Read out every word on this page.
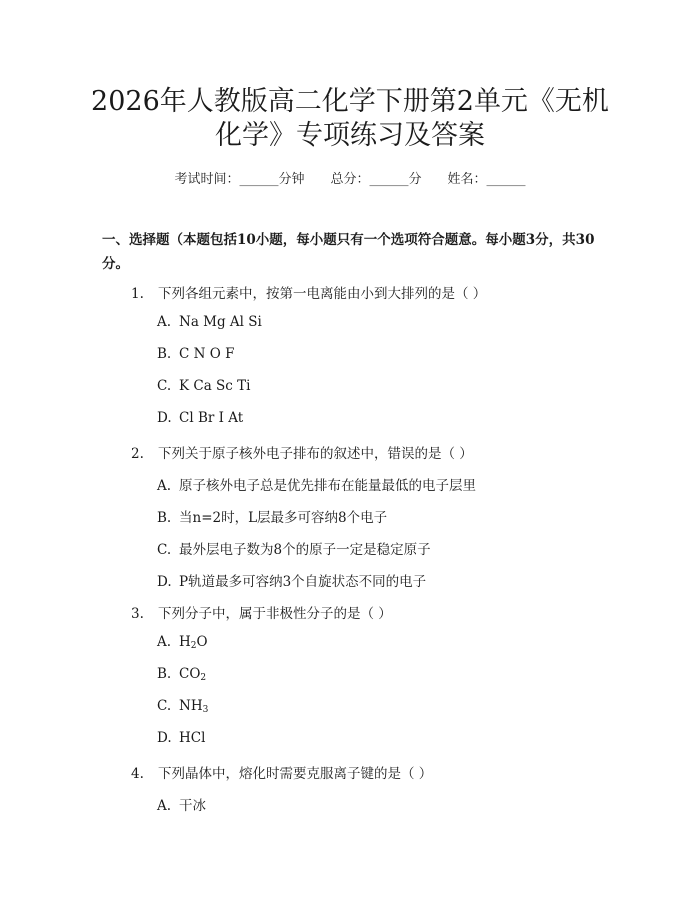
2026年人教版高二化学下册第2单元《无机
化学》专项练习及答案
考试时间：______分钟 总分：______分 姓名：______
一、选择题（本题包括10小题，每小题只有一个选项符合题意。每小题3分，共30分。
1. 下列各组元素中，按第一电离能由小到大排列的是（ ）
A. Na Mg Al Si
B. C N O F
C. K Ca Sc Ti
D. Cl Br I At
2. 下列关于原子核外电子排布的叙述中，错误的是（ ）
A. 原子核外电子总是优先排布在能量最低的电子层里
B. 当n=2时，L层最多可容纳8个电子
C. 最外层电子数为8个的原子一定是稳定原子
D. P轨道最多可容纳3个自旋状态不同的电子
3. 下列分子中，属于非极性分子的是（ ）
A. $H_2O$
B. $CO_2$
C. $NH_3$
D. HCl
4. 下列晶体中，熔化时需要克服离子键的是（ ）
A. 干冰
